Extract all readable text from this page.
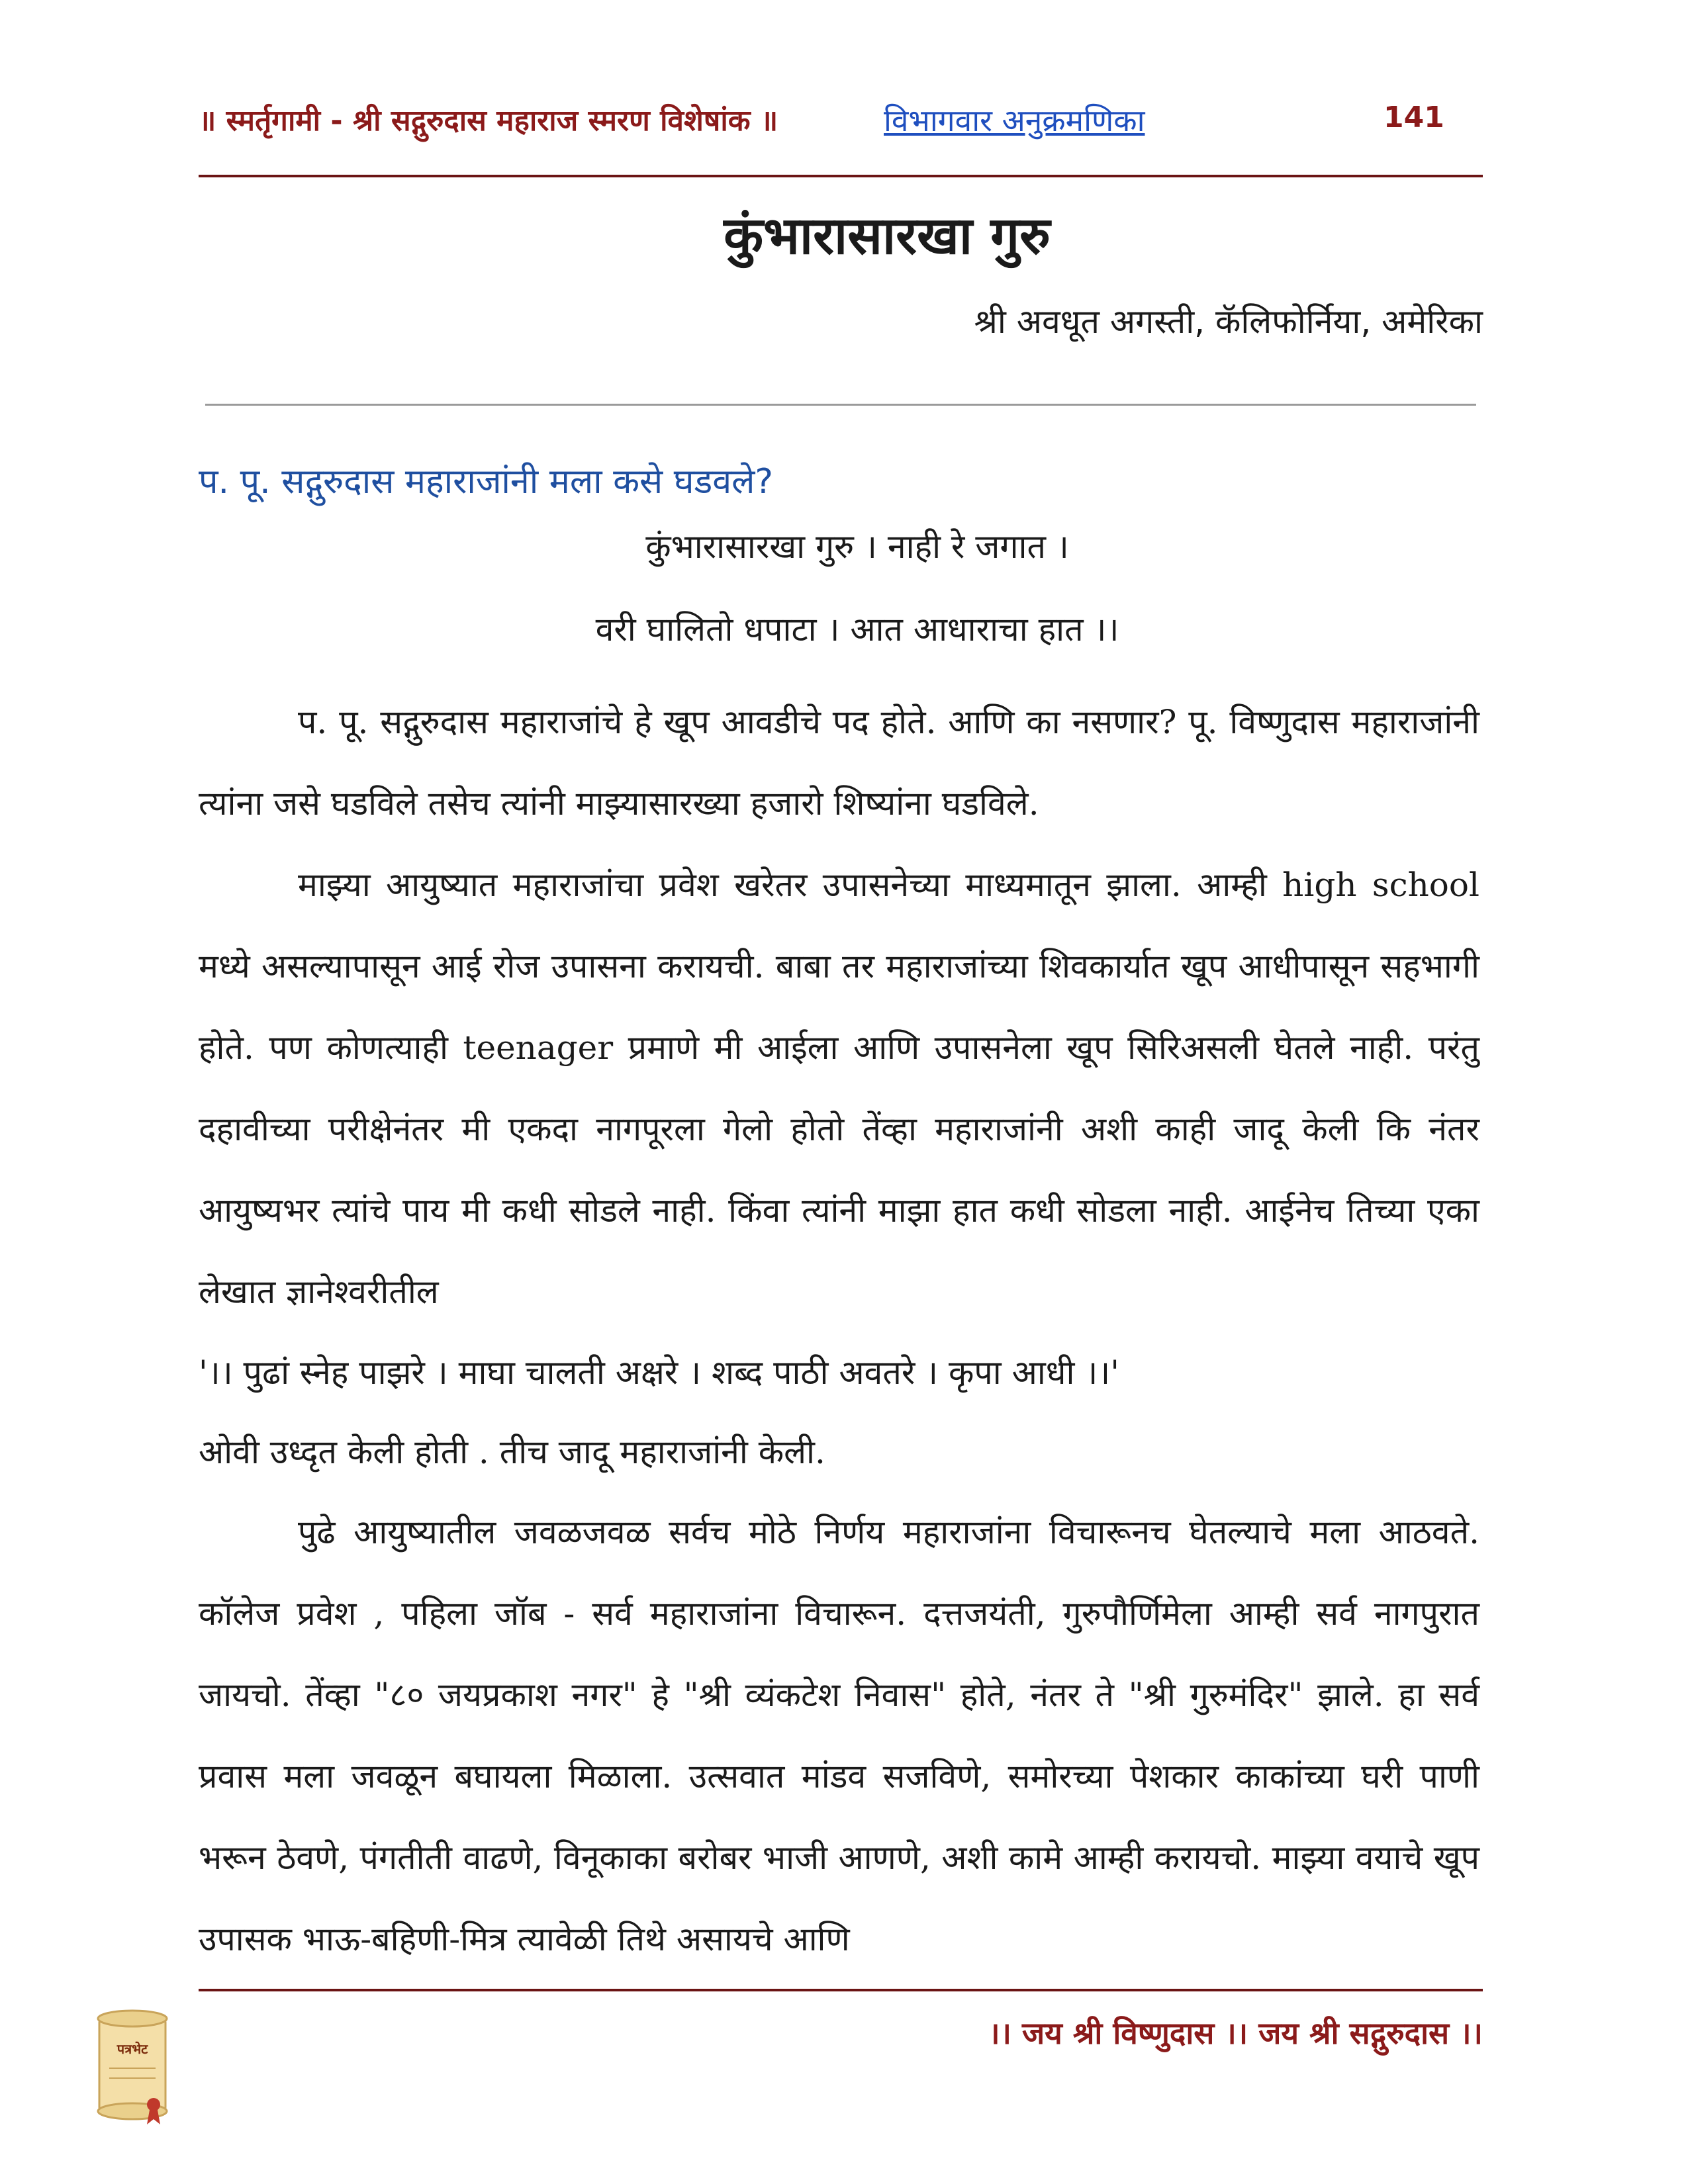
॥ स्मर्तृगामी - श्री सद्गुरुदास महाराज स्मरण विशेषांक ॥	विभागवार अनुक्रमणिका	141
कुंभारासारखा गुरु
श्री अवधूत अगस्ती, कॅलिफोर्निया, अमेरिका
प. पू. सद्गुरुदास महाराजांनी मला कसे घडवले?
कुंभारासारखा गुरु । नाही रे जगात ।
वरी घालितो धपाटा । आत आधाराचा हात ।।

प. पू. सद्गुरुदास महाराजांचे हे खूप आवडीचे पद होते. आणि का नसणार? पू. विष्णुदास महाराजांनी त्यांना जसे घडविले तसेच त्यांनी माझ्यासारख्या हजारो शिष्यांना घडविले.

माझ्या आयुष्यात महाराजांचा प्रवेश खरेतर उपासनेच्या माध्यमातून झाला. आम्ही high school मध्ये असल्यापासून आई रोज उपासना करायची. बाबा तर महाराजांच्या शिवकार्यात खूप आधीपासून सहभागी होते. पण कोणत्याही teenager प्रमाणे मी आईला आणि उपासनेला खूप सिरिअसली घेतले नाही. परंतु दहावीच्या परीक्षेनंतर मी एकदा नागपूरला गेलो होतो तेंव्हा महाराजांनी अशी काही जादू केली कि नंतर आयुष्यभर त्यांचे पाय मी कधी सोडले नाही. किंवा त्यांनी माझा हात कधी सोडला नाही. आईनेच तिच्या एका लेखात ज्ञानेश्वरीतील

'।। पुढां स्नेह पाझरे । माघा चालती अक्षरे । शब्द पाठी अवतरे । कृपा आधी ।।'

ओवी उध्दृत केली होती . तीच जादू महाराजांनी केली.

पुढे आयुष्यातील जवळजवळ सर्वच मोठे निर्णय महाराजांना विचारूनच घेतल्याचे मला आठवते. कॉलेज प्रवेश , पहिला जॉब - सर्व महाराजांना विचारून. दत्तजयंती, गुरुपौर्णिमेला आम्ही सर्व नागपुरात जायचो. तेंव्हा "८० जयप्रकाश नगर" हे "श्री व्यंकटेश निवास" होते, नंतर ते "श्री गुरुमंदिर" झाले. हा सर्व प्रवास मला जवळून बघायला मिळाला. उत्सवात मांडव सजविणे, समोरच्या पेशकार काकांच्या घरी पाणी भरून ठेवणे, पंगतीती वाढणे, विनूकाका बरोबर भाजी आणणे, अशी कामे आम्ही करायचो. माझ्या वयाचे खूप उपासक भाऊ-बहिणी-मित्र त्यावेळी तिथे असायचे आणि

।। जय श्री विष्णुदास ।। जय श्री सद्गुरुदास ।।
पत्रभेट
